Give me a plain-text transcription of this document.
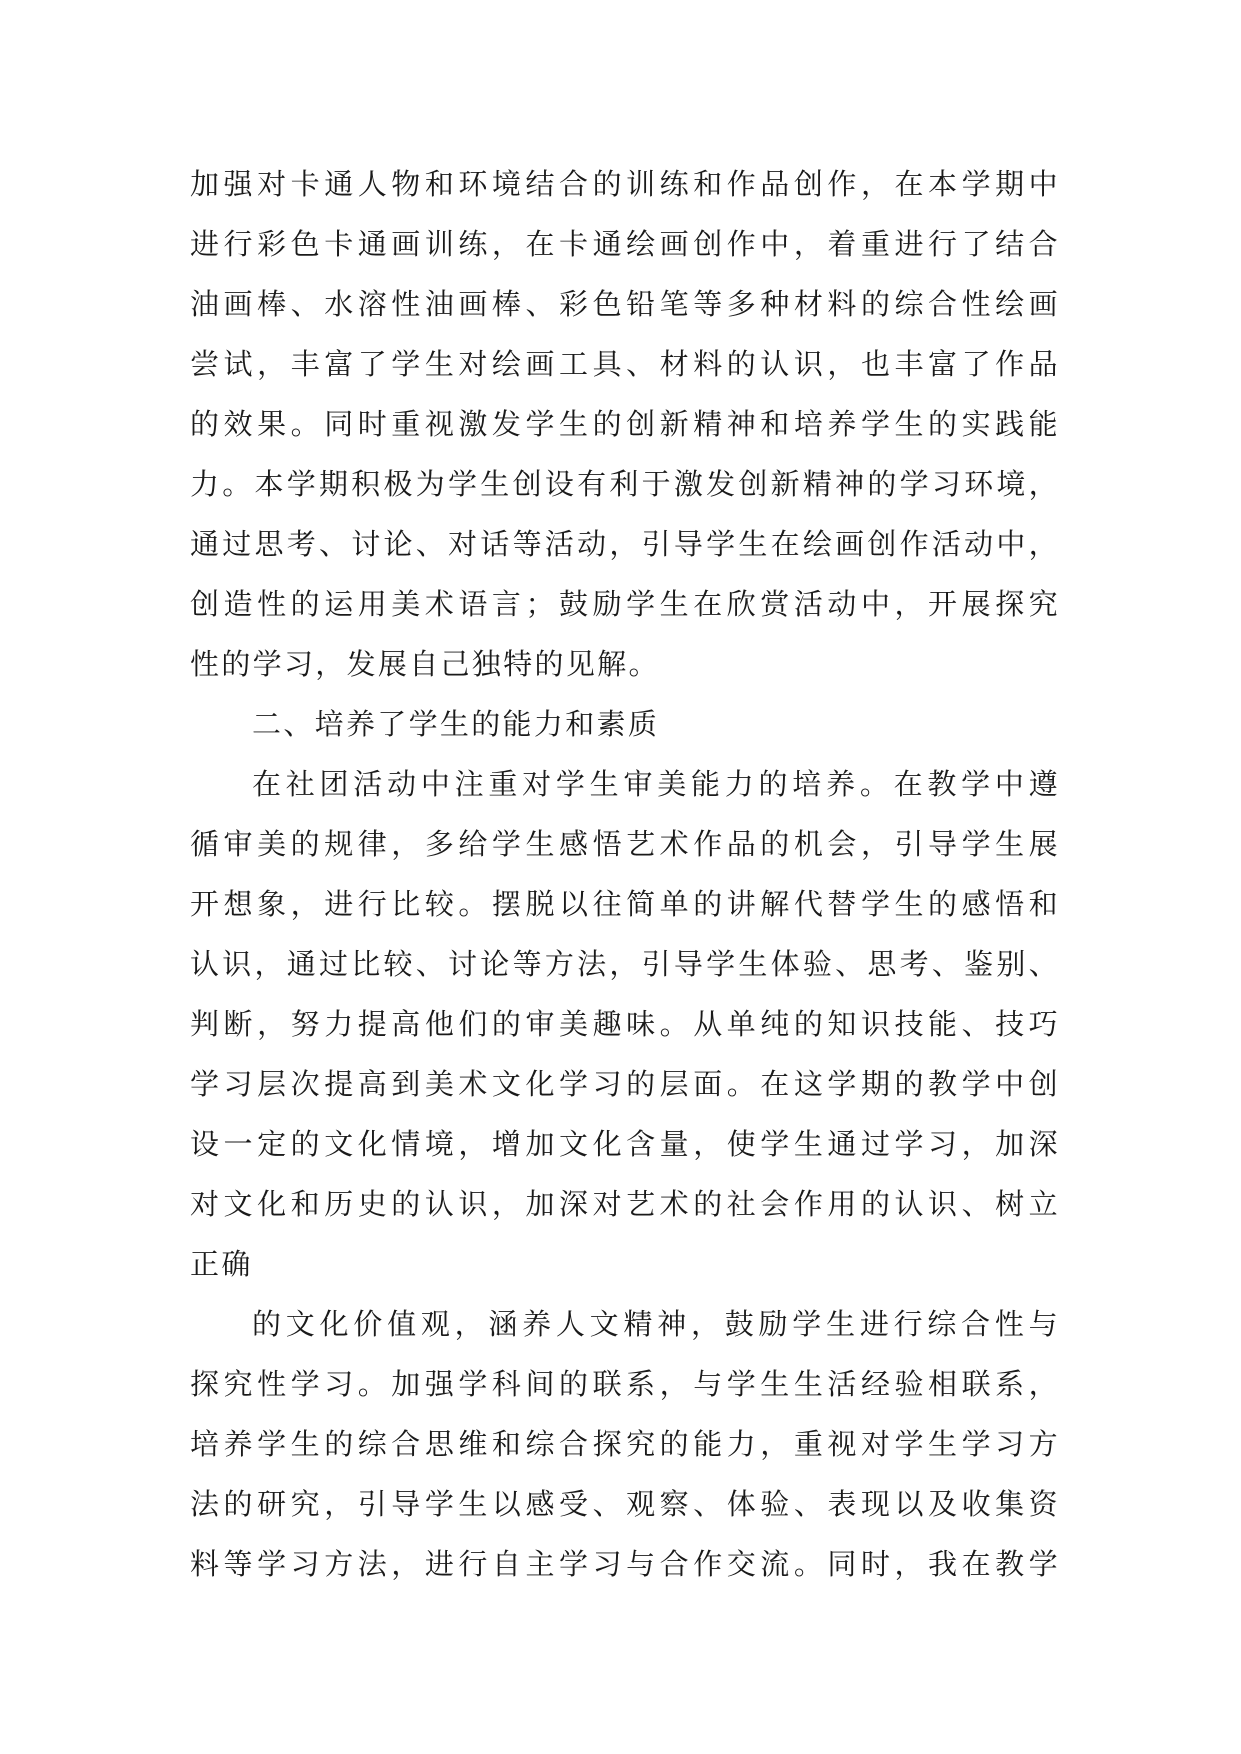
加强对卡通人物和环境结合的训练和作品创作，在本学期中
进行彩色卡通画训练，在卡通绘画创作中，着重进行了结合
油画棒、水溶性油画棒、彩色铅笔等多种材料的综合性绘画
尝试，丰富了学生对绘画工具、材料的认识，也丰富了作品
的效果。同时重视激发学生的创新精神和培养学生的实践能
力。本学期积极为学生创设有利于激发创新精神的学习环境，
通过思考、讨论、对话等活动，引导学生在绘画创作活动中，
创造性的运用美术语言；鼓励学生在欣赏活动中，开展探究
性的学习，发展自己独特的见解。
二、培养了学生的能力和素质
在社团活动中注重对学生审美能力的培养。在教学中遵
循审美的规律，多给学生感悟艺术作品的机会，引导学生展
开想象，进行比较。摆脱以往简单的讲解代替学生的感悟和
认识，通过比较、讨论等方法，引导学生体验、思考、鉴别、
判断，努力提高他们的审美趣味。从单纯的知识技能、技巧
学习层次提高到美术文化学习的层面。在这学期的教学中创
设一定的文化情境，增加文化含量，使学生通过学习，加深
对文化和历史的认识，加深对艺术的社会作用的认识、树立
正确
的文化价值观，涵养人文精神，鼓励学生进行综合性与
探究性学习。加强学科间的联系，与学生生活经验相联系，
培养学生的综合思维和综合探究的能力，重视对学生学习方
法的研究，引导学生以感受、观察、体验、表现以及收集资
料等学习方法，进行自主学习与合作交流。同时，我在教学
